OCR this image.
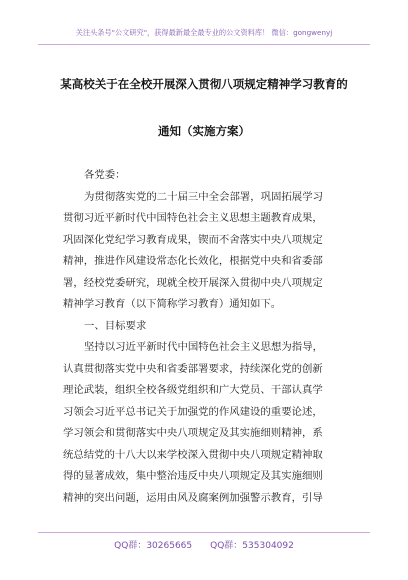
关注头条号"公文研究"，获得最新最全最专业的公文资料库！ 微信：gongwenyj
某高校关于在全校开展深入贯彻八项规定精神学习教育的
通知（实施方案）
各党委：
为贯彻落实党的二十届三中全会部署，巩固拓展学习
贯彻习近平新时代中国特色社会主义思想主题教育成果，
巩固深化党纪学习教育成果，锲而不舍落实中央八项规定
精神，推进作风建设常态化长效化，根据党中央和省委部
署，经校党委研究，现就全校开展深入贯彻中央八项规定
精神学习教育（以下简称学习教育）通知如下。
一、目标要求
坚持以习近平新时代中国特色社会主义思想为指导，
认真贯彻落实党中央和省委部署要求，持续深化党的创新
理论武装，组织全校各级党组织和广大党员、干部认真学
习领会习近平总书记关于加强党的作风建设的重要论述，
学习领会和贯彻落实中央八项规定及其实施细则精神，系
统总结党的十八大以来学校深入贯彻中央八项规定精神取
得的显著成效，集中整治违反中央八项规定及其实施细则
精神的突出问题，运用由风及腐案例加强警示教育，引导
QQ群：30265665 QQ群：535304092
